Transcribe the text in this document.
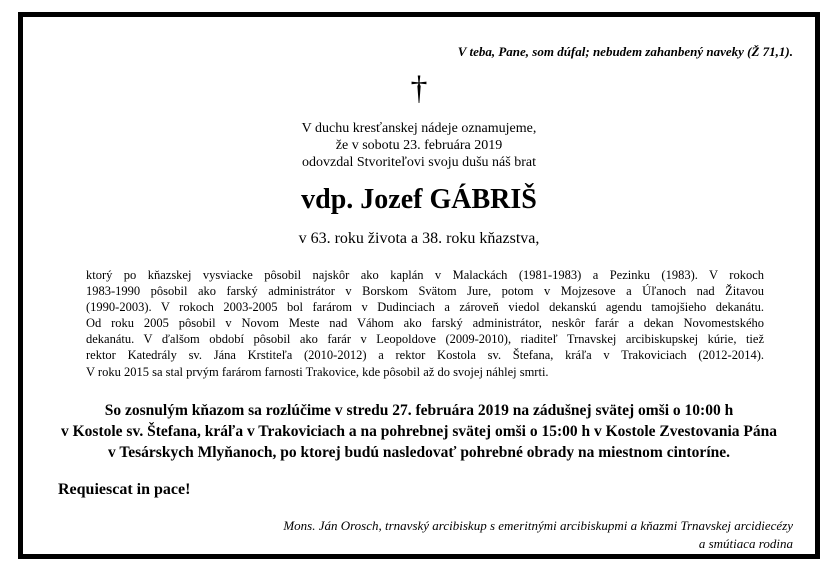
V teba, Pane, som dúfal; nebudem zahanbený naveky (Ž 71,1).
†
V duchu kresťanskej nádeje oznamujeme,
že v sobotu 23. februára 2019
odovzdal Stvoriteľovi svoju dušu náš brat
vdp. Jozef GÁBRIŠ
v 63. roku života a 38. roku kňazstva,
ktorý po kňazskej vysviacke pôsobil najskôr ako kaplán v Malackách (1981-1983) a Pezinku (1983). V rokoch
1983-1990 pôsobil ako farský administrátor v Borskom Svätom Jure, potom v Mojzesove a Úľanoch nad Žitavou
(1990-2003). V rokoch 2003-2005 bol farárom v Dudinciach a zároveň viedol dekanskú agendu tamojšieho dekanátu.
Od roku 2005 pôsobil v Novom Meste nad Váhom ako farský administrátor, neskôr farár a dekan Novomestského
dekanátu. V ďalšom období pôsobil ako farár v Leopoldove (2009-2010), riaditeľ Trnavskej arcibiskupskej kúrie, tiež
rektor Katedrály sv. Jána Krstiteľa (2010-2012) a rektor Kostola sv. Štefana, kráľa v Trakoviciach (2012-2014).
V roku 2015 sa stal prvým farárom farnosti Trakovice, kde pôsobil až do svojej náhlej smrti.
So zosnulým kňazom sa rozlúčime v stredu 27. februára 2019 na zádušnej svätej omši o 10:00 h
v Kostole sv. Štefana, kráľa v Trakoviciach a na pohrebnej svätej omši o 15:00 h v Kostole Zvestovania Pána
v Tesárskych Mlyňanoch, po ktorej budú nasledovať pohrebné obrady na miestnom cintoríne.
Requiescat in pace!
Mons. Ján Orosch, trnavský arcibiskup s emeritnými arcibiskupmi a kňazmi Trnavskej arcidiecézy
a smútiaca rodina
